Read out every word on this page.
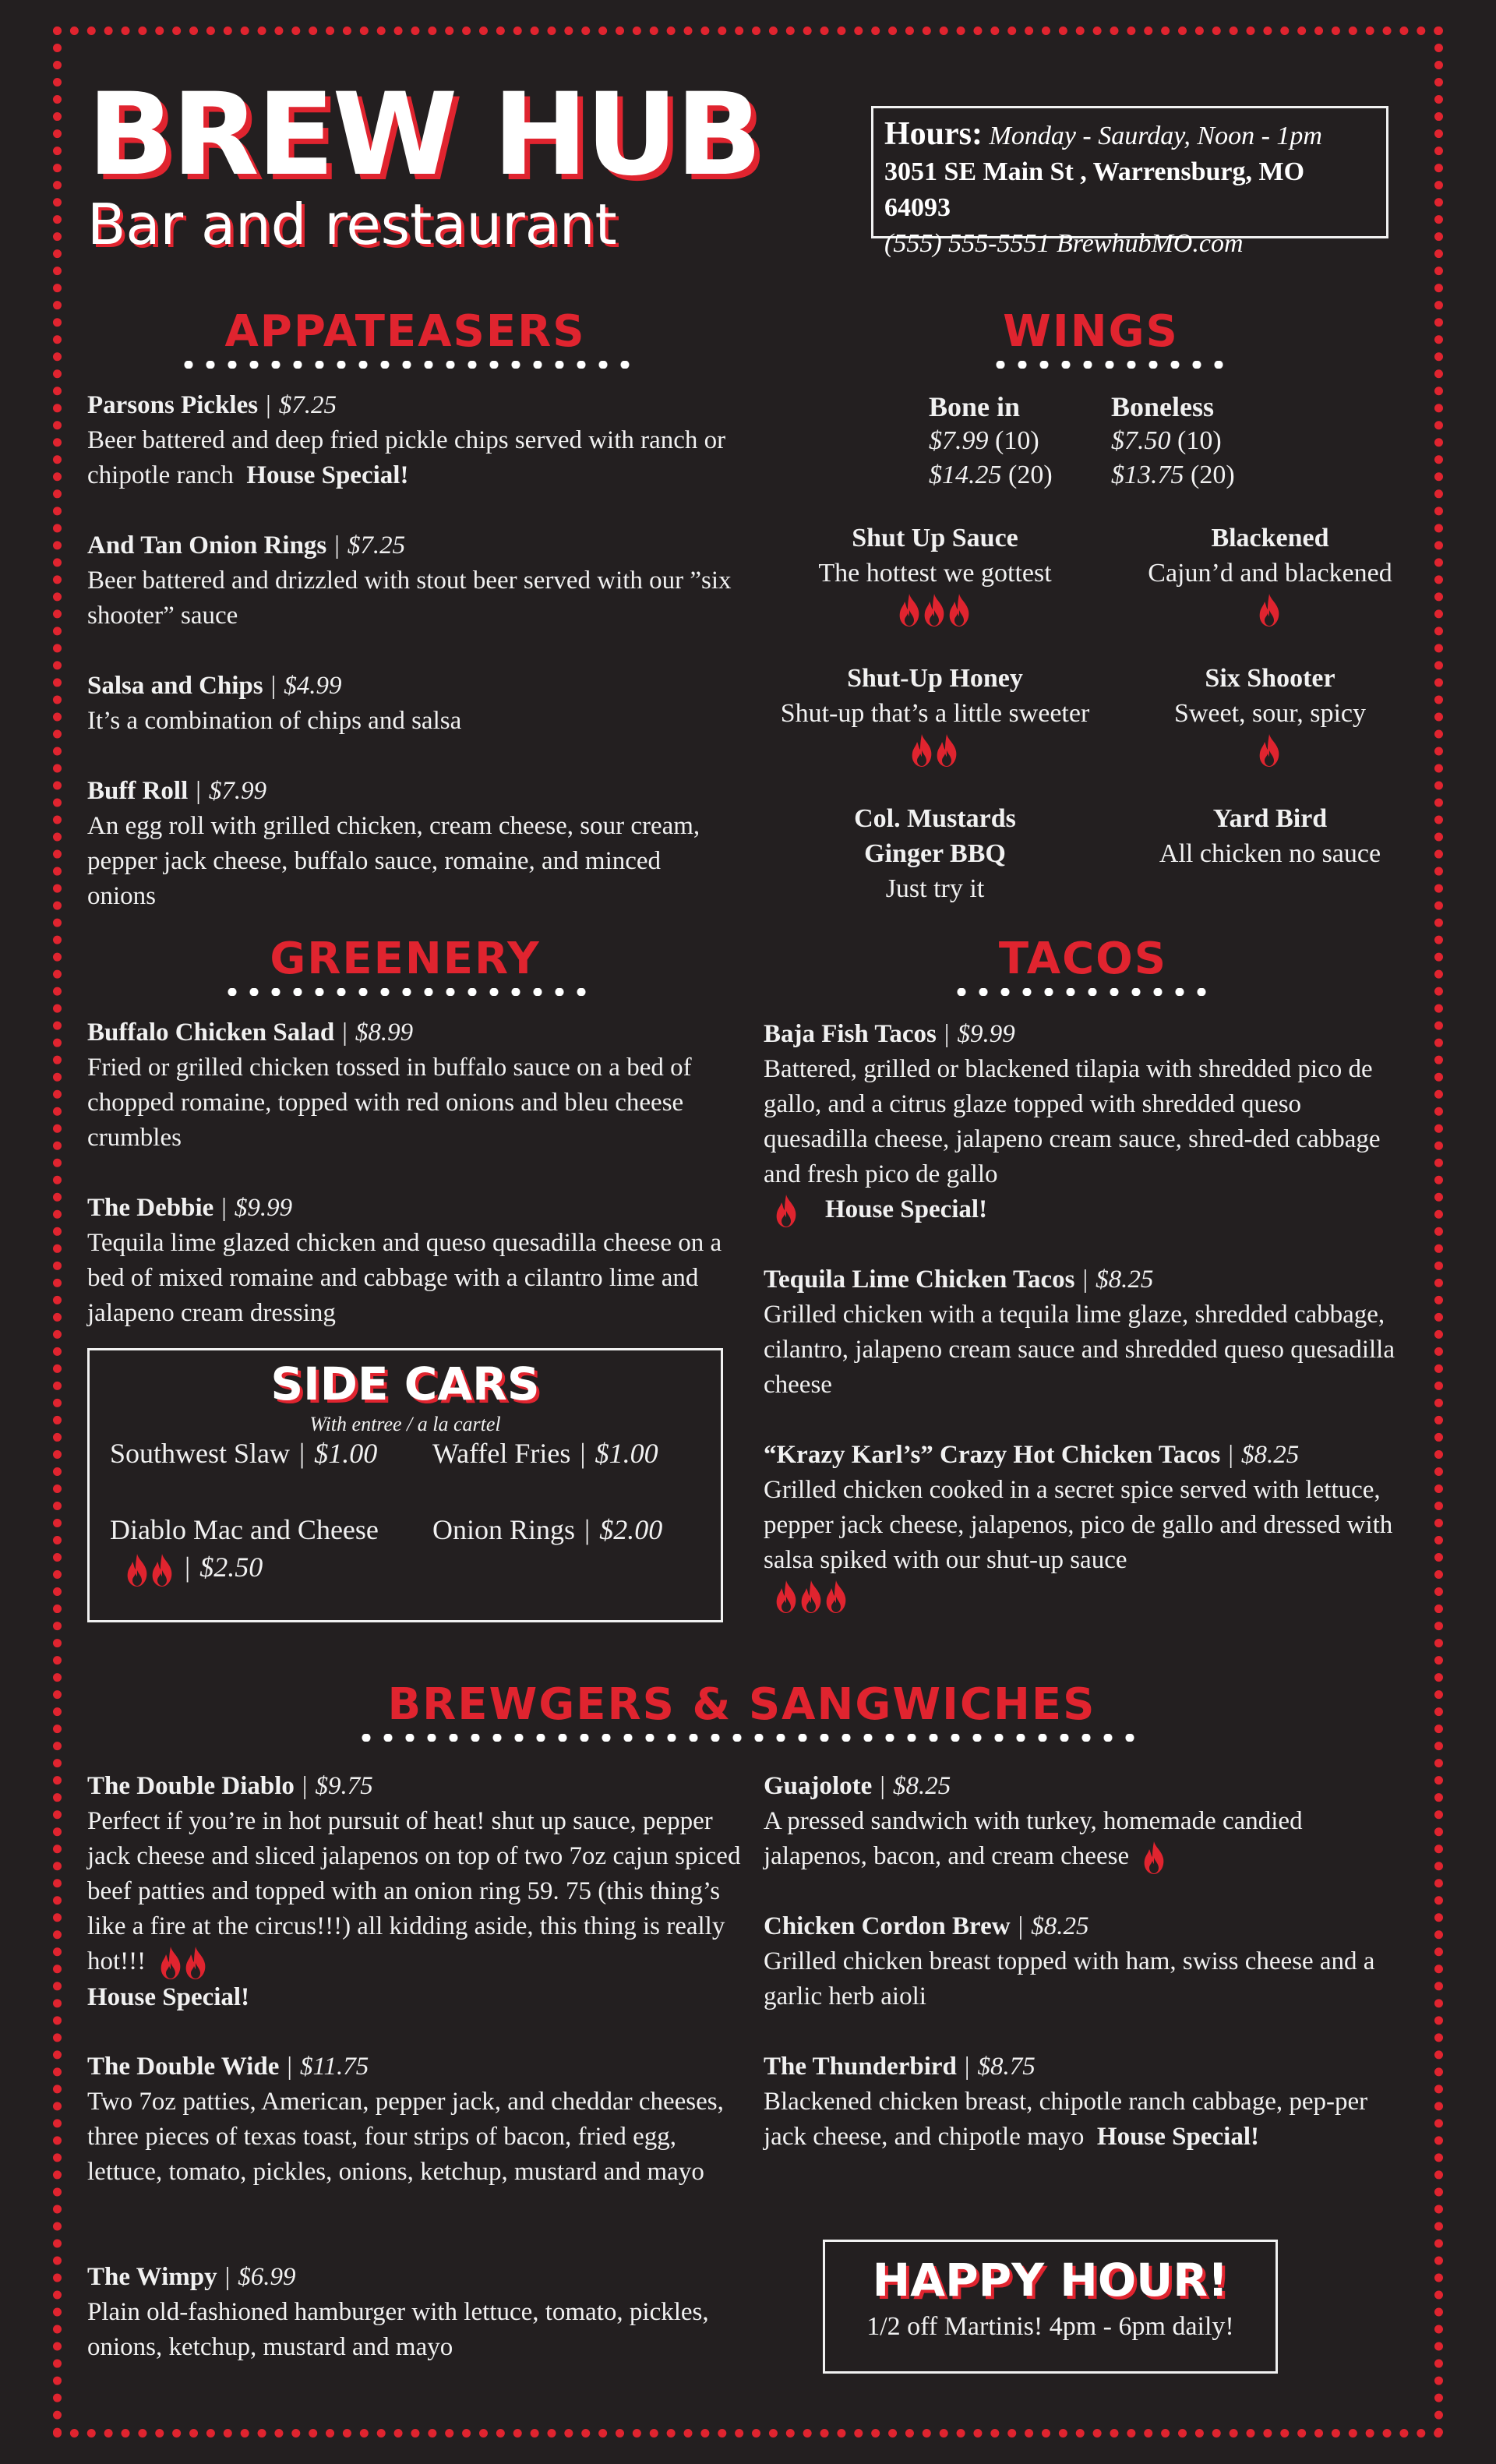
BREW HUB
Bar and restaurant
Hours: Monday - Saurday, Noon - 1pm
3051 SE Main St , Warrensburg, MO 64093
(555) 555-5551 BrewhubMO.com
APPATEASERS
Parsons Pickles | $7.25
Beer battered and deep fried pickle chips served with ranch or chipotle ranch House Special!
And Tan Onion Rings | $7.25
Beer battered and drizzled with stout beer served with our ”six shooter” sauce
Salsa and Chips | $4.99
It’s a combination of chips and salsa
Buff Roll | $7.99
An egg roll with grilled chicken, cream cheese, sour cream, pepper jack cheese, buffalo sauce, romaine, and minced onions
WINGS
Bone in
$7.99 (10)
$14.25 (20)
Boneless
$7.50 (10)
$13.75 (20)
Shut Up Sauce
The hottest we gottest
Blackened
Cajun’d and blackened
Shut-Up Honey
Shut-up that’s a little sweeter
Six Shooter
Sweet, sour, spicy
Col. Mustards
Ginger BBQ
Just try it
Yard Bird
All chicken no sauce
GREENERY
Buffalo Chicken Salad | $8.99
Fried or grilled chicken tossed in buffalo sauce on a bed of chopped romaine, topped with red onions and bleu cheese crumbles
The Debbie | $9.99
Tequila lime glazed chicken and queso quesadilla cheese on a bed of mixed romaine and cabbage with a cilantro lime and jalapeno cream dressing
SIDE CARS
With entree / a la cartel
Southwest Slaw | $1.00 Waffel Fries | $1.00
Diablo Mac and Cheese

| $2.50
Onion Rings | $2.00
TACOS
Baja Fish Tacos | $9.99
Battered, grilled or blackened tilapia with shredded pico de gallo, and a citrus glaze topped with shredded queso quesadilla cheese, jalapeno cream sauce, shred-ded cabbage and fresh pico de gallo

House Special!
Tequila Lime Chicken Tacos | $8.25
Grilled chicken with a tequila lime glaze, shredded cabbage, cilantro, jalapeno cream sauce and shredded queso quesadilla cheese
“Krazy Karl’s” Crazy Hot Chicken Tacos | $8.25
Grilled chicken cooked in a secret spice served with lettuce, pepper jack cheese, jalapenos, pico de gallo and dressed with salsa spiked with our shut-up sauce

BREWGERS & SANGWICHES
The Double Diablo | $9.75
Perfect if you’re in hot pursuit of heat! shut up sauce, pepper jack cheese and sliced jalapenos on top of two 7oz cajun spiced beef patties and topped with an onion ring 59. 75 (this thing’s like a fire at the circus!!!) all kidding aside, this thing is really hot!!!

House Special!
The Double Wide | $11.75
Two 7oz patties, American, pepper jack, and cheddar cheeses, three pieces of texas toast, four strips of bacon, fried egg, lettuce, tomato, pickles, onions, ketchup, mustard and mayo
The Wimpy | $6.99
Plain old-fashioned hamburger with lettuce, tomato, pickles, onions, ketchup, mustard and mayo
Guajolote | $8.25
A pressed sandwich with turkey, homemade candied jalapenos, bacon, and cream cheese
Chicken Cordon Brew | $8.25
Grilled chicken breast topped with ham, swiss cheese and a garlic herb aioli
The Thunderbird | $8.75
Blackened chicken breast, chipotle ranch cabbage, pep-per jack cheese, and chipotle mayo House Special!
HAPPY HOUR!
1/2 off Martinis! 4pm - 6pm daily!
